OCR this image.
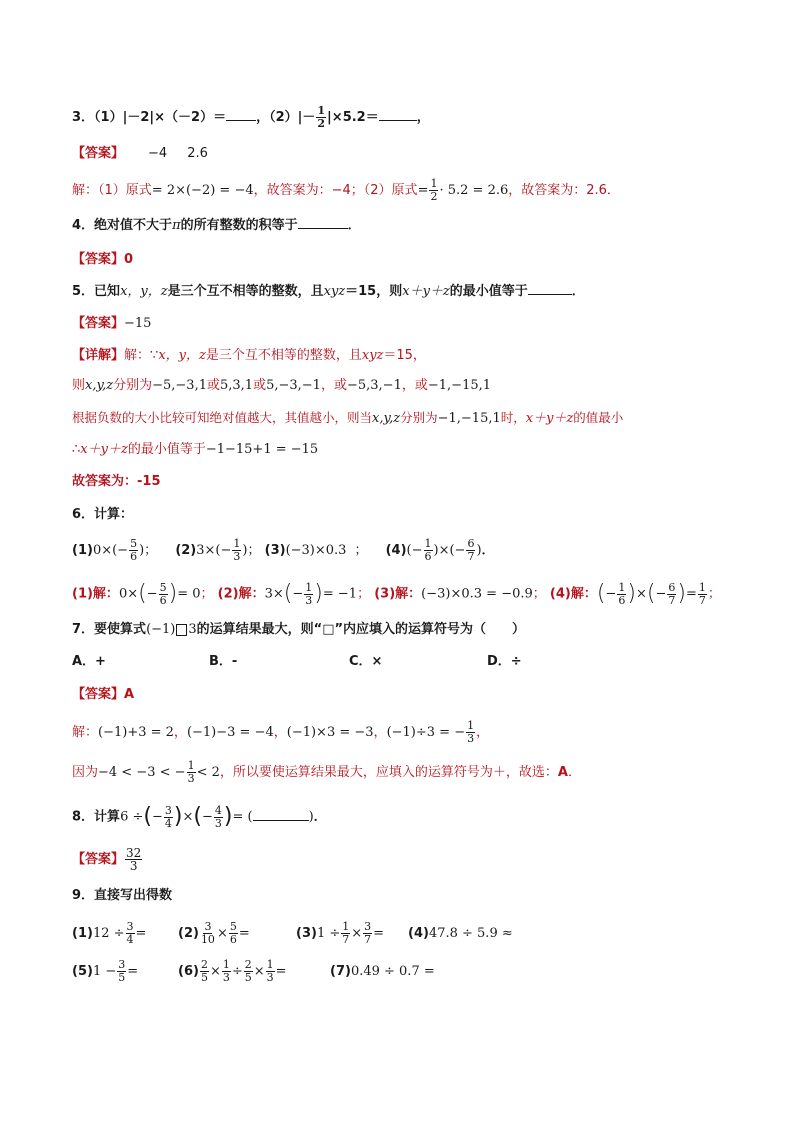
3．（1）|－2|×（－2）＝ ，$(2)|- \frac{1}{2} |\times 5.2=$	，
【答案】 −4 2.6
解：（1）原式= 2×(−2) = −4，故答案为：−4；（2）原式= $\frac{1}{2} \cdot 5.2 = 2.6$，故答案为：2.6．
4．绝对值不大于π的所有整数的积等于	．
【答案】0
5．已知x，y，z是三个互不相等的整数，且xyz＝15，则x＋y＋z的最小值等于	．
【答案】−15
【详解】解：∵x，y，z是三个互不相等的整数，且xyz＝15，
则x,y,z分别为−5,−3,1或5,3,1或5,−3,−1，或−5,3,−1，或−1,−15,1
根据负数的大小比较可知绝对值越大，其值越小，则当x,y,z分别为−1,−15,1时，x＋y＋z的值最小
∴x＋y＋z的最小值等于−1−15+1 = −15
故答案为：-15
6．计算：
$(1)0\times(- \frac{5}{6}$ )； $(2)3\times(- \frac{1}{3}$ )； (3)(−3)×0.3 ； $(4)(- \frac{1}{6}$ )×(− $\frac{6}{7}$ )．
(1)解：$0\times(- \frac{5}{6}$ )= 0； (2)解：$3\times(- \frac{1}{3}$ )= −1； (3)解：(−3)×0.3 = −0.9； (4)解：(− $\frac{1}{6}$ )×(− $\frac{6}{7}$ )= $\frac{1}{7}$ ；
7．要使算式(−1) 3的运算结果最大，则“□”内应填入的运算符号为（　　）
A．+	B．-	C．×	D．÷
【答案】A
解：(−1)+3 = 2，(−1)−3 = −4，(−1)×3 = −3，(−1)÷3 = − $\frac{1}{3}$ ，
因为−4 < −3 < − $\frac{1}{3} < 2$，所以要使运算结果最大，应填入的运算符号为＋，故选：A．
8．计算6 ÷(− $\frac{3}{4}$ )×(− $\frac{4}{3}$ )= (	)．
【答案】 $\frac{32}{3}$
9．直接写出得数
$(1)12 \div \frac{3}{4} = (2) \frac{3}{10} \times \frac{5}{6}$ =	$(3)1 \div \frac{1}{7} \times \frac{3}{7} = (4)47.8 \div 5.9$ ≈
$(5)1 - \frac{3}{5}$ =	$(6) \frac{2}{5} \times \frac{1}{3} \div \frac{2}{5} \times \frac{1}{3}$ =	(7)0.49 ÷ 0.7 =
